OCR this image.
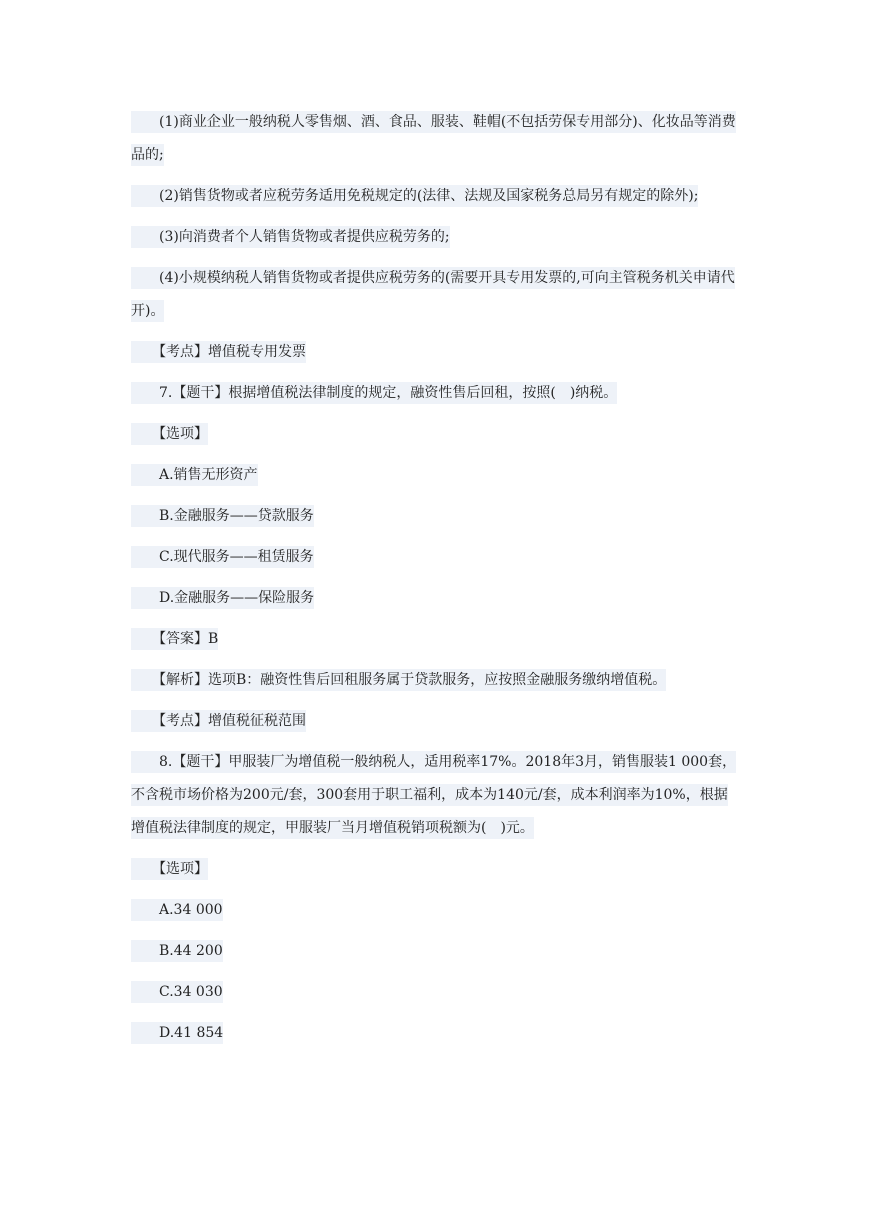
　　(1)商业企业一般纳税人零售烟、酒、食品、服装、鞋帽(不包括劳保专用部分)、化妆品等消费品的;

　　(2)销售货物或者应税劳务适用免税规定的(法律、法规及国家税务总局另有规定的除外);

　　(3)向消费者个人销售货物或者提供应税劳务的;

　　(4)小规模纳税人销售货物或者提供应税劳务的(需要开具专用发票的,可向主管税务机关申请代开)。

　　【考点】增值税专用发票

　　7.【题干】根据增值税法律制度的规定，融资性售后回租，按照(　)纳税。

　　【选项】

　　A.销售无形资产

　　B.金融服务——贷款服务

　　C.现代服务——租赁服务

　　D.金融服务——保险服务

　　【答案】B

　　【解析】选项B：融资性售后回租服务属于贷款服务，应按照金融服务缴纳增值税。

　　【考点】增值税征税范围

　　8.【题干】甲服装厂为增值税一般纳税人，适用税率17%。2018年3月，销售服装1 000套，不含税市场价格为200元/套，300套用于职工福利，成本为140元/套，成本利润率为10%，根据增值税法律制度的规定，甲服装厂当月增值税销项税额为(　)元。

　　【选项】

　　A.34 000

　　B.44 200

　　C.34 030

　　D.41 854
